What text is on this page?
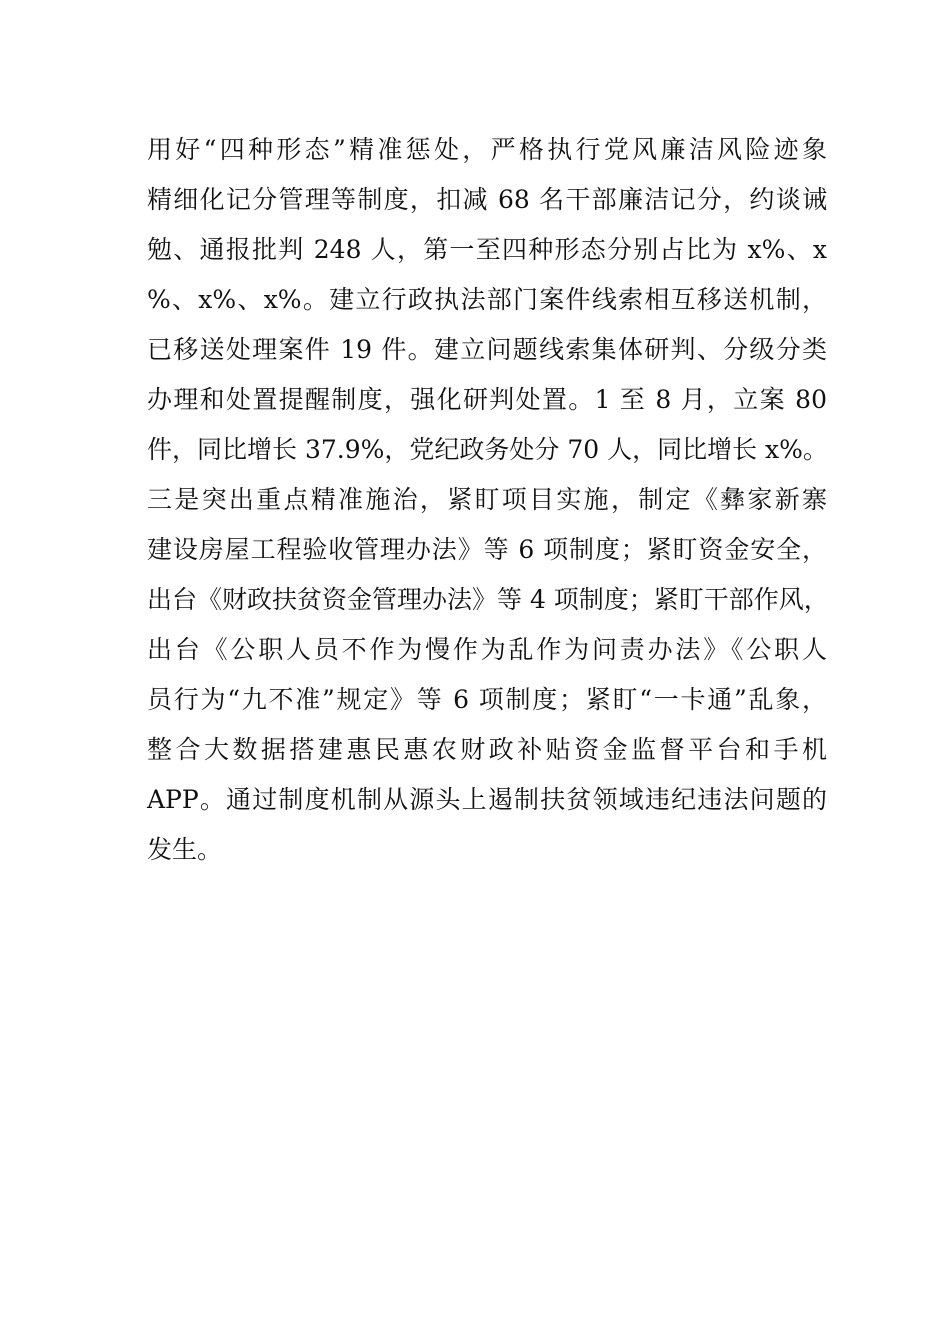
用好“四种形态”精准惩处，严格执行党风廉洁风险迹象
精细化记分管理等制度，扣减 68 名干部廉洁记分，约谈诫
勉、通报批判 248 人，第一至四种形态分别占比为 x%、x
%、x%、x%。建立行政执法部门案件线索相互移送机制，
已移送处理案件 19 件。建立问题线索集体研判、分级分类
办理和处置提醒制度，强化研判处置。1 至 8 月，立案 80
件，同比增长 37.9%，党纪政务处分 70 人，同比增长 x%。
三是突出重点精准施治，紧盯项目实施，制定《彝家新寨
建设房屋工程验收管理办法》等 6 项制度；紧盯资金安全，
出台《财政扶贫资金管理办法》等 4 项制度；紧盯干部作风，
出台《公职人员不作为慢作为乱作为问责办法》《公职人
员行为“九不准”规定》等 6 项制度；紧盯“一卡通”乱象，
整合大数据搭建惠民惠农财政补贴资金监督平台和手机
APP。通过制度机制从源头上遏制扶贫领域违纪违法问题的
发生。
